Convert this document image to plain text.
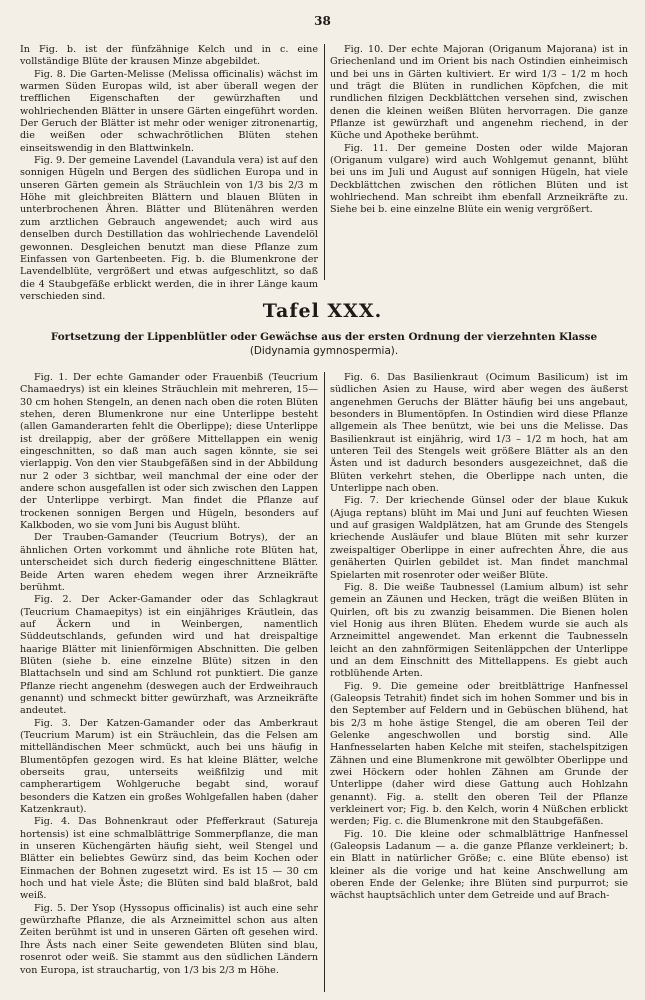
38

In Fig. b. ist der fünfzähnige Kelch und in c. eine vollständige Blüte der krausen Minze abgebildet.

Fig. 8. Die Garten-Melisse (Melissa officinalis) wächst im warmen Süden Europas wild, ist aber überall wegen der trefflichen Eigenschaften der gewürzhaften und wohlriechenden Blätter in unsere Gärten eingeführt worden. Der Geruch der Blätter ist mehr oder weniger zitronenartig, die weißen oder schwachrötlichen Blüten stehen einseitswendig in den Blattwinkeln.

Fig. 9. Der gemeine Lavendel (Lavandula vera) ist auf den sonnigen Hügeln und Bergen des südlichen Europa und in unseren Gärten gemein als Sträuchlein von 1/3 bis 2/3 m Höhe mit gleichbreiten Blättern und blauen Blüten in unterbrochenen Ähren. Blätter und Blütenähren werden zum arztlichen Gebrauch angewendet; auch wird aus denselben durch Destillation das wohlriechende Lavendelöl gewonnen. Desgleichen benutzt man diese Pflanze zum Einfassen von Gartenbeeten. Fig. b. die Blumenkrone der Lavendelblüte, vergrößert und etwas aufgeschlitzt, so daß die 4 Staubgefäße erblickt werden, die in ihrer Länge kaum verschieden sind.

Fig. 10. Der echte Majoran (Origanum Majorana) ist in Griechenland und im Orient bis nach Ostindien einheimisch und bei uns in Gärten kultiviert. Er wird 1/3 – 1/2 m hoch und trägt die Blüten in rundlichen Köpfchen, die mit rundlichen filzigen Deckblättchen versehen sind, zwischen denen die kleinen weißen Blüten hervorragen. Die ganze Pflanze ist gewürzhaft und angenehm riechend, in der Küche und Apotheke berühmt.

Fig. 11. Der gemeine Dosten oder wilde Majoran (Origanum vulgare) wird auch Wohlgemut genannt, blüht bei uns im Juli und August auf sonnigen Hügeln, hat viele Deckblättchen zwischen den rötlichen Blüten und ist wohlriechend. Man schreibt ihm ebenfall Arzneikräfte zu. Siehe bei b. eine einzelne Blüte ein wenig vergrößert.

Tafel XXX.
Fortsetzung der Lippenblütler oder Gewächse aus der ersten Ordnung der vierzehnten Klasse
(Didynamia gymnospermia).

Fig. 1. Der echte Gamander oder Frauenbiß (Teucrium Chamaedrys) ist ein kleines Sträuchlein mit mehreren, 15—30 cm hohen Stengeln, an denen nach oben die roten Blüten stehen, deren Blumenkrone nur eine Unterlippe besteht (allen Gamanderarten fehlt die Oberlippe); diese Unterlippe ist dreilappig, aber der größere Mittellappen ein wenig eingeschnitten, so daß man auch sagen könnte, sie sei vierlappig. Von den vier Staubgefäßen sind in der Abbildung nur 2 oder 3 sichtbar, weil manchmal der eine oder der andere schon ausgefallen ist oder sich zwischen den Lappen der Unterlippe verbirgt. Man findet die Pflanze auf trockenen sonnigen Bergen und Hügeln, besonders auf Kalkboden, wo sie vom Juni bis August blüht.

Der Trauben-Gamander (Teucrium Botrys), der an ähnlichen Orten vorkommt und ähnliche rote Blüten hat, unterscheidet sich durch fiederig eingeschnittene Blätter. Beide Arten waren ehedem wegen ihrer Arzneikräfte berühmt.

Fig. 2. Der Acker-Gamander oder das Schlagkraut (Teucrium Chamaepitys) ist ein einjähriges Kräutlein, das auf Äckern und in Weinbergen, namentlich Süddeutschlands, gefunden wird und hat dreispaltige haarige Blätter mit linienförmigen Abschnitten. Die gelben Blüten (siehe b. eine einzelne Blüte) sitzen in den Blattachseln und sind am Schlund rot punktiert. Die ganze Pflanze riecht angenehm (deswegen auch der Erdweihrauch genannt) und schmeckt bitter gewürzhaft, was Arzneikräfte andeutet.

Fig. 3. Der Katzen-Gamander oder das Amberkraut (Teucrium Marum) ist ein Sträuchlein, das die Felsen am mittelländischen Meer schmückt, auch bei uns häufig in Blumentöpfen gezogen wird. Es hat kleine Blätter, welche oberseits grau, unterseits weißfilzig und mit campherartigem Wohlgeruche begabt sind, worauf besonders die Katzen ein großes Wohlgefallen haben (daher Katzenkraut).

Fig. 4. Das Bohnenkraut oder Pfefferkraut (Satureja hortensis) ist eine schmalblättrige Sommerpflanze, die man in unseren Küchengärten häufig sieht, weil Stengel und Blätter ein beliebtes Gewürz sind, das beim Kochen oder Einmachen der Bohnen zugesetzt wird. Es ist 15 — 30 cm hoch und hat viele Äste; die Blüten sind bald blaßrot, bald weiß.

Fig. 5. Der Ysop (Hyssopus officinalis) ist auch eine sehr gewürzhafte Pflanze, die als Arzneimittel schon aus alten Zeiten berühmt ist und in unseren Gärten oft gesehen wird. Ihre Ästs nach einer Seite gewendeten Blüten sind blau, rosenrot oder weiß. Sie stammt aus den südlichen Ländern von Europa, ist strauchartig, von 1/3 bis 2/3 m Höhe.

Fig. 6. Das Basilienkraut (Ocimum Basilicum) ist im südlichen Asien zu Hause, wird aber wegen des äußerst angenehmen Geruchs der Blätter häufig bei uns angebaut, besonders in Blumentöpfen. In Ostindien wird diese Pflanze allgemein als Thee benützt, wie bei uns die Melisse. Das Basilienkraut ist einjährig, wird 1/3 – 1/2 m hoch, hat am unteren Teil des Stengels weit größere Blätter als an den Ästen und ist dadurch besonders ausgezeichnet, daß die Blüten verkehrt stehen, die Oberlippe nach unten, die Unterlippe nach oben.

Fig. 7. Der kriechende Günsel oder der blaue Kukuk (Ajuga reptans) blüht im Mai und Juni auf feuchten Wiesen und auf grasigen Waldplätzen, hat am Grunde des Stengels kriechende Ausläufer und blaue Blüten mit sehr kurzer zweispaltiger Oberlippe in einer aufrechten Ähre, die aus genäherten Quirlen gebildet ist. Man findet manchmal Spielarten mit rosenroter oder weißer Blüte.

Fig. 8. Die weiße Taubnessel (Lamium album) ist sehr gemein an Zäunen und Hecken, trägt die weißen Blüten in Quirlen, oft bis zu zwanzig beisammen. Die Bienen holen viel Honig aus ihren Blüten. Ehedem wurde sie auch als Arzneimittel angewendet. Man erkennt die Taubnesseln leicht an den zahnförmigen Seitenläppchen der Unterlippe und an dem Einschnitt des Mittellappens. Es giebt auch rotblühende Arten.

Fig. 9. Die gemeine oder breitblättrige Hanfnessel (Galeopsis Tetrahit) findet sich im hohen Sommer und bis in den September auf Feldern und in Gebüschen blühend, hat bis 2/3 m hohe ästige Stengel, die am oberen Teil der Gelenke angeschwollen und borstig sind. Alle Hanfnesselarten haben Kelche mit steifen, stachelspitzigen Zähnen und eine Blumenkrone mit gewölbter Oberlippe und zwei Höckern oder hohlen Zähnen am Grunde der Unterlippe (daher wird diese Gattung auch Hohlzahn genannt). Fig. a. stellt den oberen Teil der Pflanze verkleinert vor; Fig. b. den Kelch, worin 4 Nüßchen erblickt werden; Fig. c. die Blumenkrone mit den Staubgefäßen.

Fig. 10. Die kleine oder schmalblättrige Hanfnessel (Galeopsis Ladanum — a. die ganze Pflanze verkleinert; b. ein Blatt in natürlicher Größe; c. eine Blüte ebenso) ist kleiner als die vorige und hat keine Anschwellung am oberen Ende der Gelenke; ihre Blüten sind purpurrot; sie wächst hauptsächlich unter dem Getreide und auf Brach-
